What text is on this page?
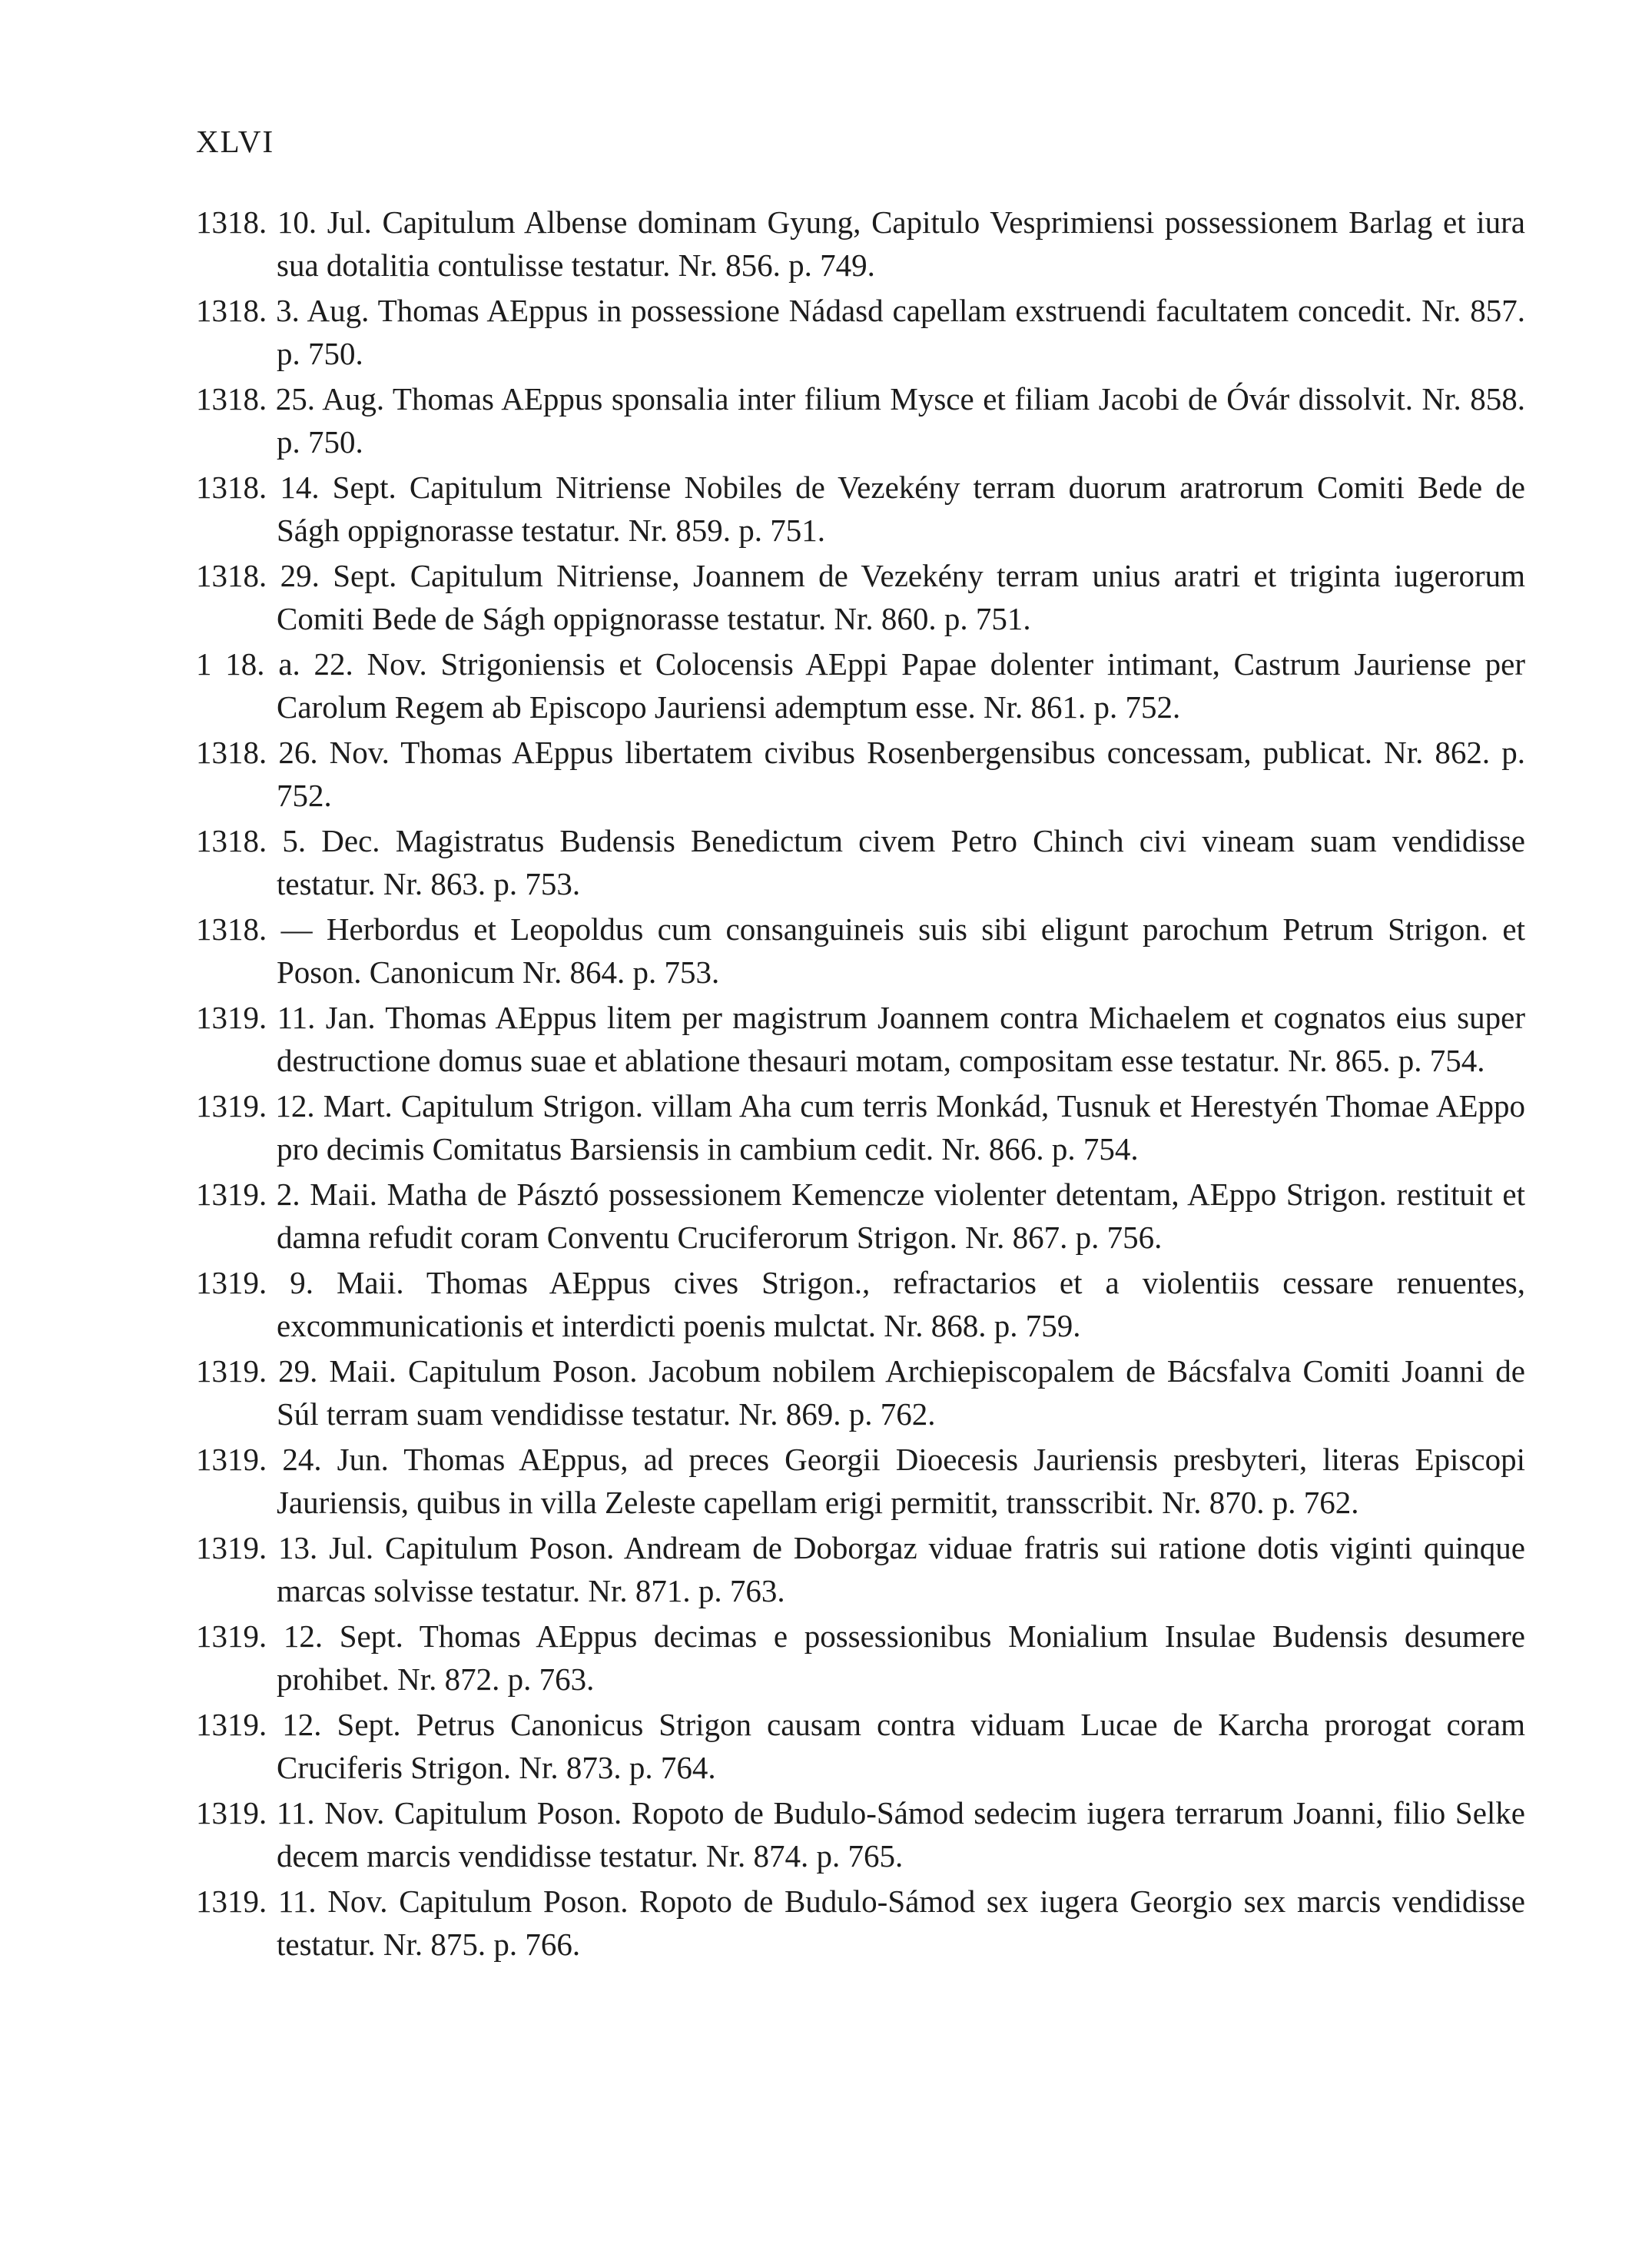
XLVI

1318. 10. Jul. Capitulum Albense dominam Gyung, Capitulo Vesprimiensi possessionem Barlag et iura sua dotalitia contulisse testatur. Nr. 856. p. 749.

1318. 3. Aug. Thomas AEppus in possessione Nádasd capellam exstruendi facultatem concedit. Nr. 857. p. 750.

1318. 25. Aug. Thomas AEppus sponsalia inter filium Mysce et filiam Jacobi de Óvár dissolvit. Nr. 858. p. 750.

1318. 14. Sept. Capitulum Nitriense Nobiles de Vezekény terram duorum aratrorum Comiti Bede de Ságh oppignorasse testatur. Nr. 859. p. 751.

1318. 29. Sept. Capitulum Nitriense, Joannem de Vezekény terram unius aratri et triginta iugerorum Comiti Bede de Ságh oppignorasse testatur. Nr. 860. p. 751.

1 18. a. 22. Nov. Strigoniensis et Colocensis AEppi Papae dolenter intimant, Castrum Jauriense per Carolum Regem ab Episcopo Jauriensi ademptum esse. Nr. 861. p. 752.

1318. 26. Nov. Thomas AEppus libertatem civibus Rosenbergensibus concessam, publicat. Nr. 862. p. 752.

1318. 5. Dec. Magistratus Budensis Benedictum civem Petro Chinch civi vineam suam vendidisse testatur. Nr. 863. p. 753.

1318. — Herbordus et Leopoldus cum consanguineis suis sibi eligunt parochum Petrum Strigon. et Poson. Canonicum Nr. 864. p. 753.

1319. 11. Jan. Thomas AEppus litem per magistrum Joannem contra Michaelem et cognatos eius super destructione domus suae et ablatione thesauri motam, compositam esse testatur. Nr. 865. p. 754.

1319. 12. Mart. Capitulum Strigon. villam Aha cum terris Monkád, Tusnuk et Herestyén Thomae AEppo pro decimis Comitatus Barsiensis in cambium cedit. Nr. 866. p. 754.

1319. 2. Maii. Matha de Pásztó possessionem Kemencze violenter detentam, AEppo Strigon. restituit et damna refudit coram Conventu Cruciferorum Strigon. Nr. 867. p. 756.

1319. 9. Maii. Thomas AEppus cives Strigon., refractarios et a violentiis cessare renuentes, excommunicationis et interdicti poenis mulctat. Nr. 868. p. 759.

1319. 29. Maii. Capitulum Poson. Jacobum nobilem Archiepiscopalem de Bácsfalva Comiti Joanni de Súl terram suam vendidisse testatur. Nr. 869. p. 762.

1319. 24. Jun. Thomas AEppus, ad preces Georgii Dioecesis Jauriensis presbyteri, literas Episcopi Jauriensis, quibus in villa Zeleste capellam erigi permitit, transscribit. Nr. 870. p. 762.

1319. 13. Jul. Capitulum Poson. Andream de Doborgaz viduae fratris sui ratione dotis viginti quinque marcas solvisse testatur. Nr. 871. p. 763.

1319. 12. Sept. Thomas AEppus decimas e possessionibus Monialium Insulae Budensis desumere prohibet. Nr. 872. p. 763.

1319. 12. Sept. Petrus Canonicus Strigon causam contra viduam Lucae de Karcha prorogat coram Cruciferis Strigon. Nr. 873. p. 764.

1319. 11. Nov. Capitulum Poson. Ropoto de Budulo-Sámod sedecim iugera terrarum Joanni, filio Selke decem marcis vendidisse testatur. Nr. 874. p. 765.

1319. 11. Nov. Capitulum Poson. Ropoto de Budulo-Sámod sex iugera Georgio sex marcis vendidisse testatur. Nr. 875. p. 766.
